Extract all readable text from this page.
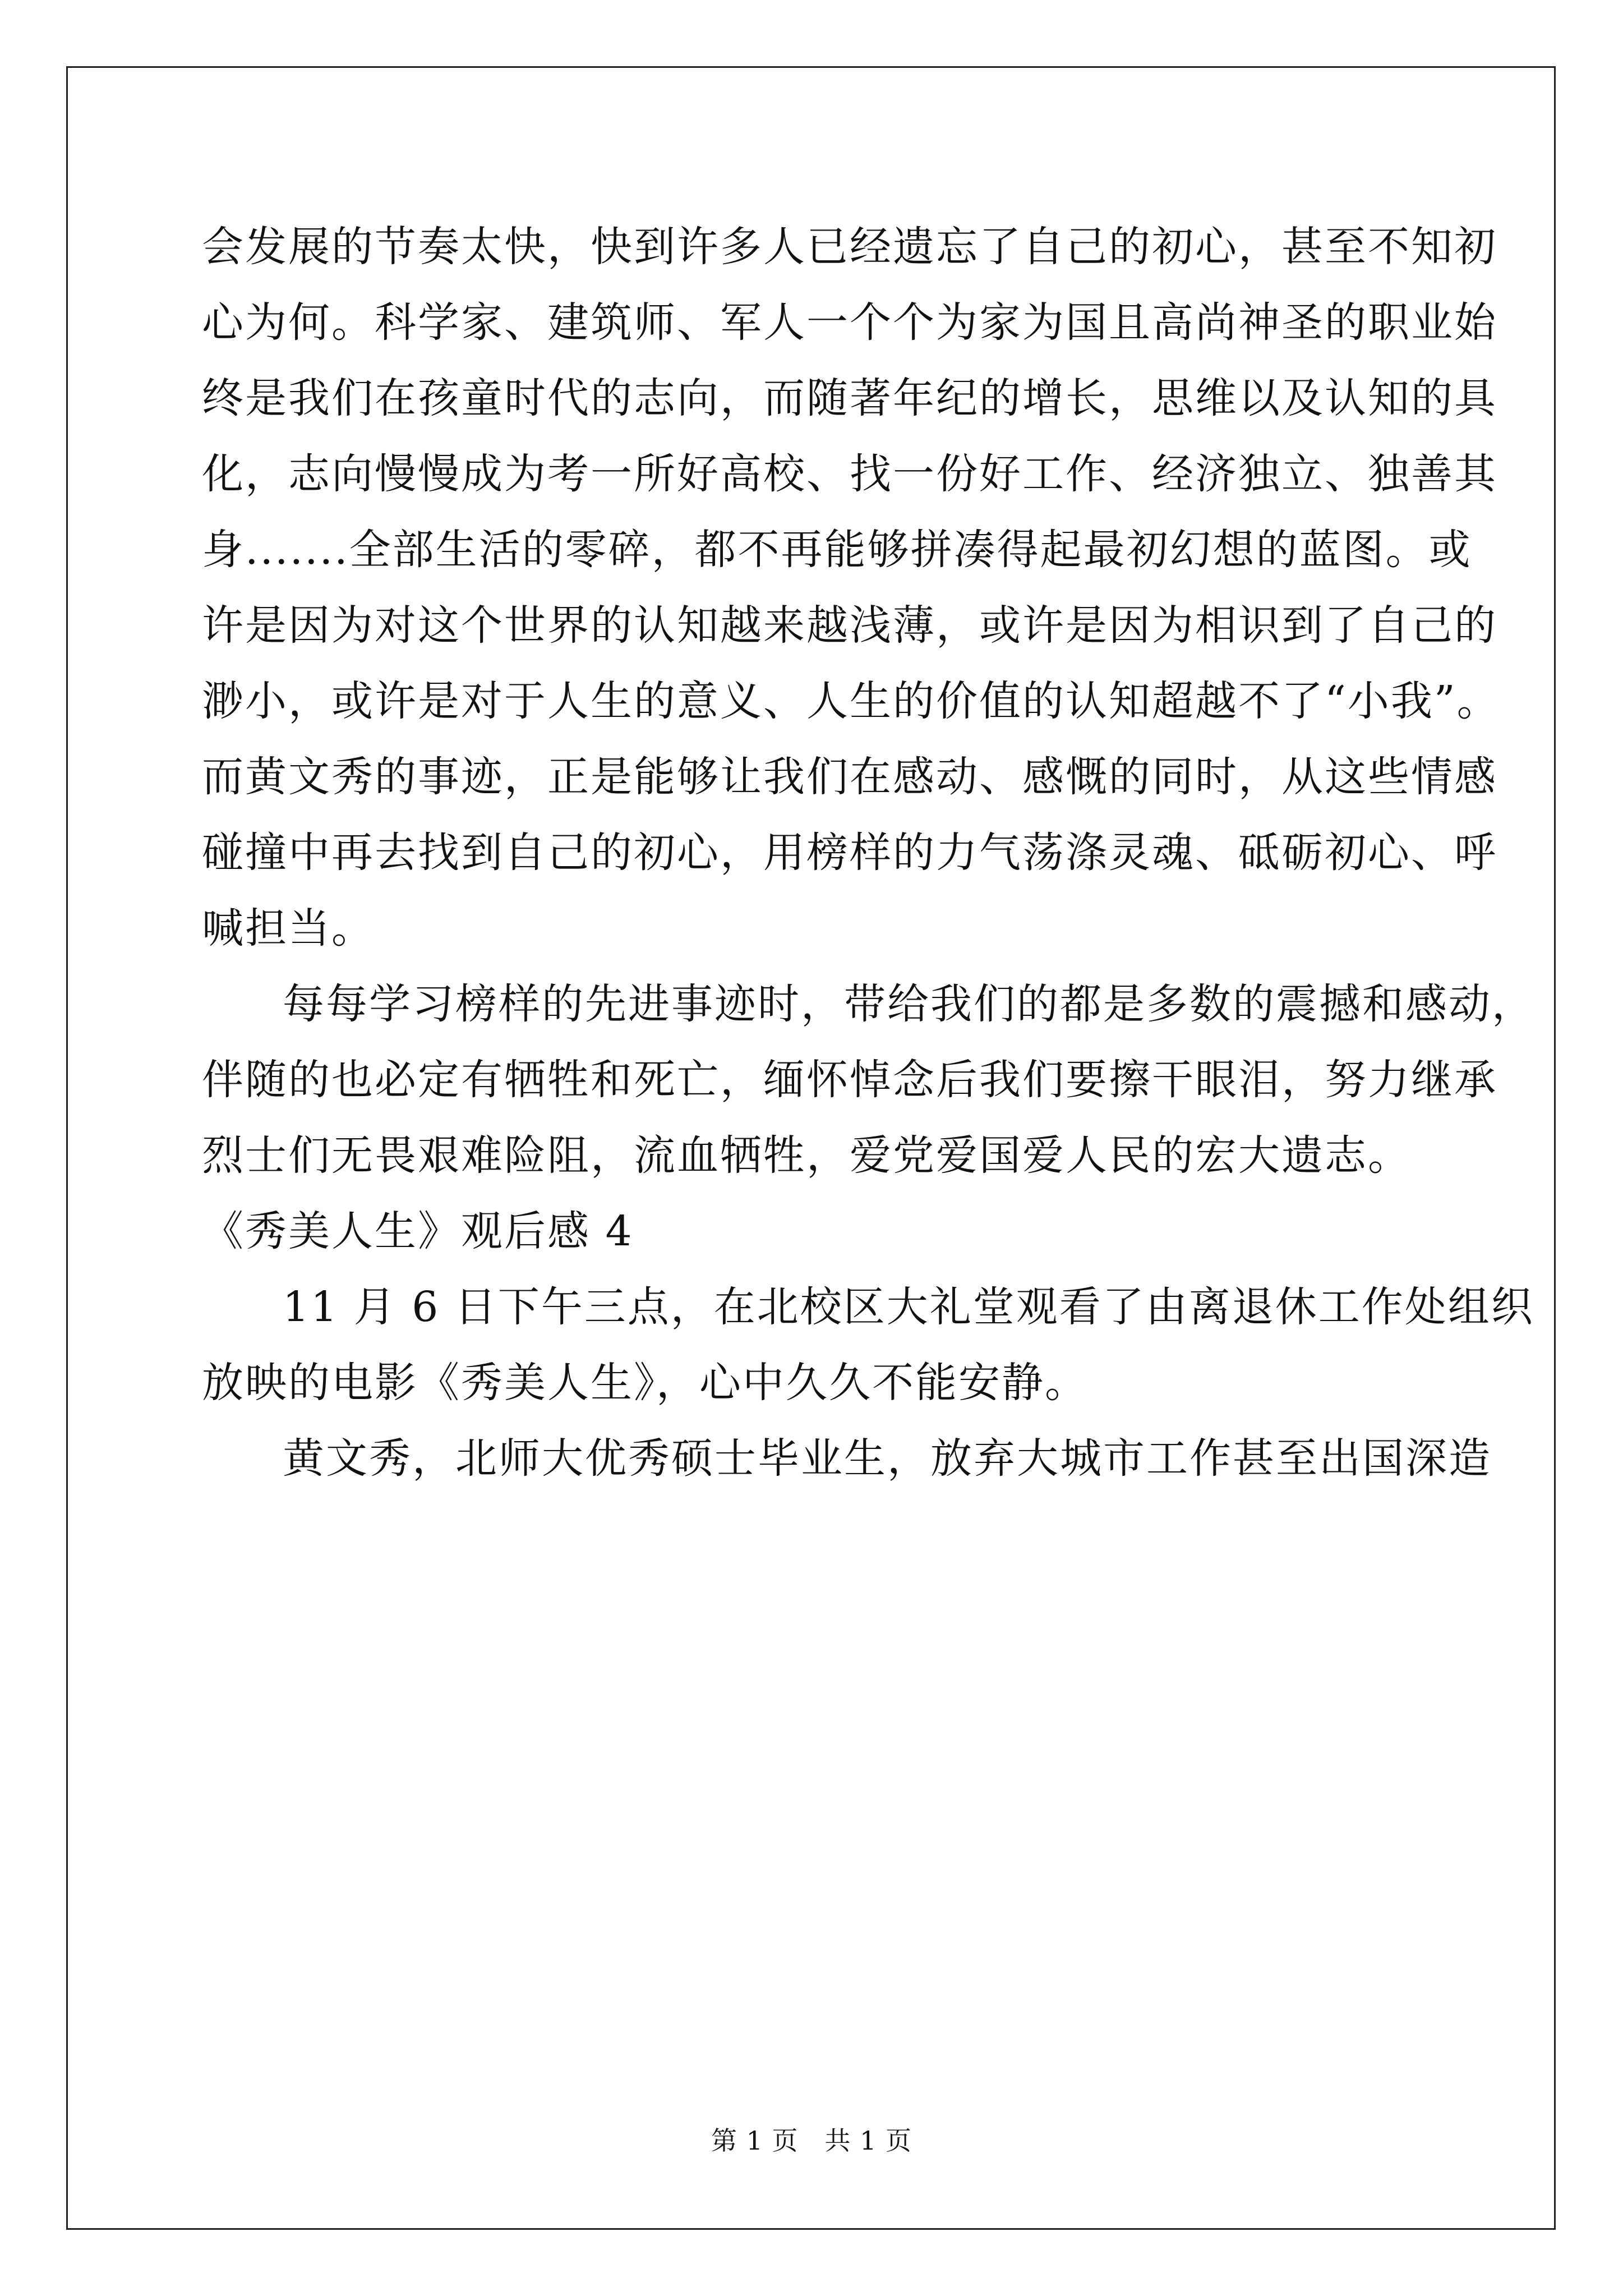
会发展的节奏太快，快到许多人已经遗忘了自己的初心，甚至不知初

心为何。科学家、建筑师、军人一个个为家为国且高尚神圣的职业始

终是我们在孩童时代的志向，而随著年纪的增长，思维以及认知的具

化，志向慢慢成为考一所好高校、找一份好工作、经济独立、独善其

身.......全部生活的零碎，都不再能够拼凑得起最初幻想的蓝图。或

许是因为对这个世界的认知越来越浅薄，或许是因为相识到了自己的

渺小，或许是对于人生的意义、人生的价值的认知超越不了“小我”。

而黄文秀的事迹，正是能够让我们在感动、感慨的同时，从这些情感

碰撞中再去找到自己的初心，用榜样的力气荡涤灵魂、砥砺初心、呼

喊担当。

每每学习榜样的先进事迹时，带给我们的都是多数的震撼和感动，

伴随的也必定有牺牲和死亡，缅怀悼念后我们要擦干眼泪，努力继承

烈士们无畏艰难险阻，流血牺牲，爱党爱国爱人民的宏大遗志。

《秀美人生》观后感 4

11 月 6 日下午三点，在北校区大礼堂观看了由离退休工作处组织

放映的电影《秀美人生》，心中久久不能安静。

黄文秀，北师大优秀硕士毕业生，放弃大城市工作甚至出国深造

第 1 页　共 1 页
